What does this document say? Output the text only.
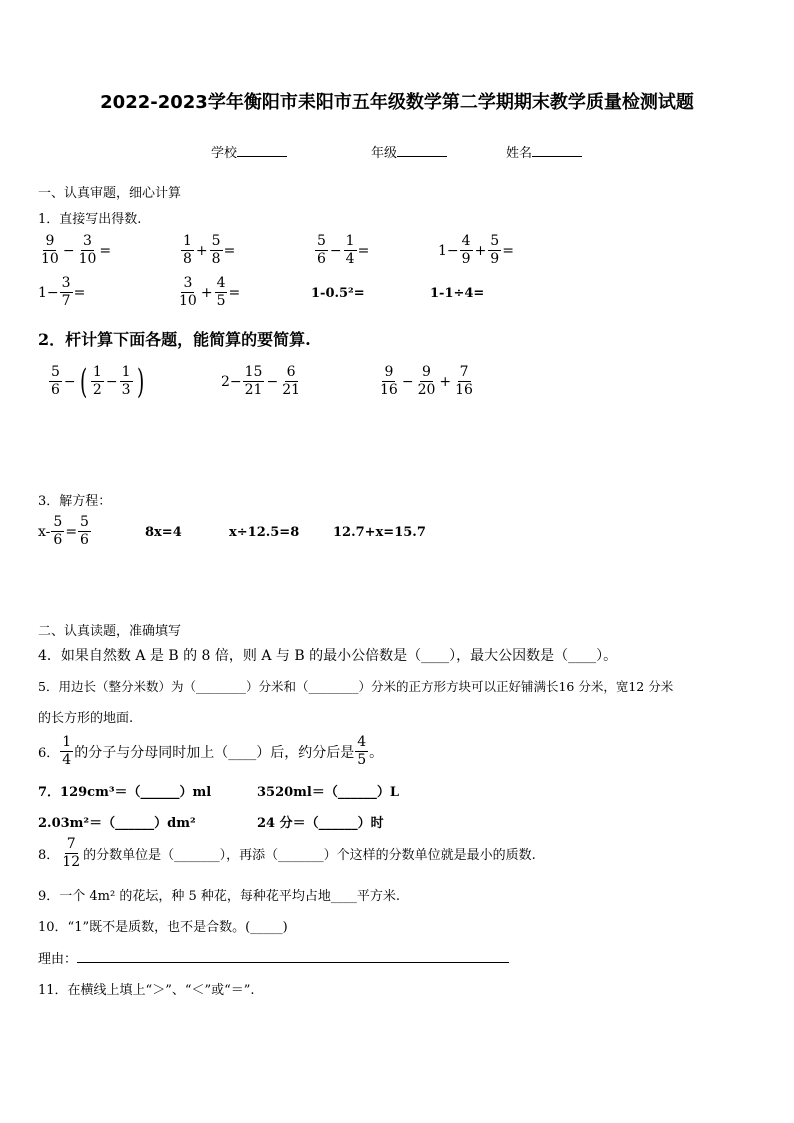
2022-2023学年衡阳市耒阳市五年级数学第二学期期末教学质量检测试题
学校	年级	姓名
一、认真审题，细心计算
1．直接写出得数.
$\frac{9}{10} - \frac{3}{10}$ =	$\frac{1}{8} + \frac{5}{8}$ =	$\frac{5}{6} - \frac{1}{4}$ =	$1- \frac{4}{9} + \frac{5}{9}$ =
$1- \frac{3}{7}$ =	$\frac{3}{10} + \frac{4}{5}$ =	1-0.5²=	1-1÷4=
2．杆计算下面各题，能简算的要简算.
$\frac{5}{6}$ − ( $\frac{1}{2} - \frac{1}{3}$ )	$2- \frac{15}{21} - \frac{6}{21}$	$\frac{9}{16} - \frac{9}{20} + \frac{7}{16}$
3．解方程：
$x- \frac{5}{6} = \frac{5}{6}$	8x=4	x÷12.5=8	12.7+x=15.7
二、认真读题，准确填写
4．如果自然数 A 是 B 的 8 倍，则 A 与 B 的最小公倍数是（____），最大公因数是（____）。
5．用边长（整分米数）为（________）分米和（________）分米的正方形方块可以正好铺满长16 分米，宽12 分米
的长方形的地面.
6． $\frac{1}{4}$ 的分子与分母同时加上（____）后，约分后是 $\frac{4}{5}$ 。
7．129cm³＝（______）ml	3520ml＝（______）L
2.03m²＝（______）dm²	24 分＝（______）时
8． $\frac{7}{12}$ 的分数单位是（_______），再添（_______）个这样的分数单位就是最小的质数.
9．一个 4m² 的花坛，种 5 种花，每种花平均占地____平方米.
10．“1”既不是质数，也不是合数。(_____)
理由：
11．在横线上填上“＞”、“＜”或“＝”.
